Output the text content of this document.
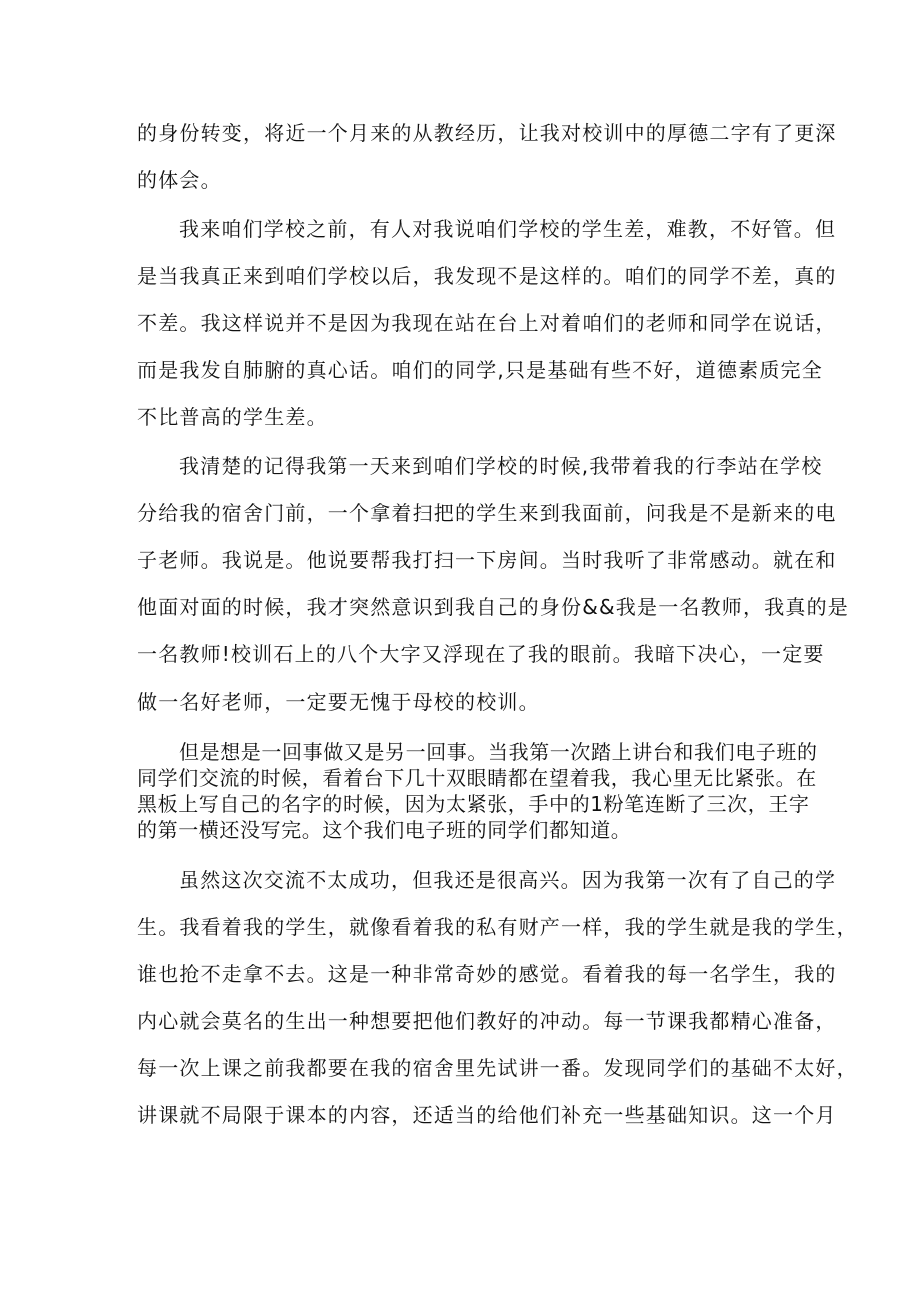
的身份转变，将近一个月来的从教经历，让我对校训中的厚德二字有了更深
的体会。
我来咱们学校之前，有人对我说咱们学校的学生差，难教，不好管。但
是当我真正来到咱们学校以后，我发现不是这样的。咱们的同学不差，真的
不差。我这样说并不是因为我现在站在台上对着咱们的老师和同学在说话，
而是我发自肺腑的真心话。咱们的同学,只是基础有些不好，道德素质完全
不比普高的学生差。
我清楚的记得我第一天来到咱们学校的时候,我带着我的行李站在学校
分给我的宿舍门前，一个拿着扫把的学生来到我面前，问我是不是新来的电
子老师。我说是。他说要帮我打扫一下房间。当时我听了非常感动。就在和
他面对面的时候，我才突然意识到我自己的身份&&我是一名教师，我真的是
一名教师!校训石上的八个大字又浮现在了我的眼前。我暗下决心，一定要
做一名好老师，一定要无愧于母校的校训。
但是想是一回事做又是另一回事。当我第一次踏上讲台和我们电子班的
同学们交流的时候，看着台下几十双眼睛都在望着我，我心里无比紧张。在
黑板上写自己的名字的时候，因为太紧张，手中的1粉笔连断了三次，王字
的第一横还没写完。这个我们电子班的同学们都知道。
虽然这次交流不太成功，但我还是很高兴。因为我第一次有了自己的学
生。我看着我的学生，就像看着我的私有财产一样，我的学生就是我的学生，
谁也抢不走拿不去。这是一种非常奇妙的感觉。看着我的每一名学生，我的
内心就会莫名的生出一种想要把他们教好的冲动。每一节课我都精心准备，
每一次上课之前我都要在我的宿舍里先试讲一番。发现同学们的基础不太好，
讲课就不局限于课本的内容，还适当的给他们补充一些基础知识。这一个月
